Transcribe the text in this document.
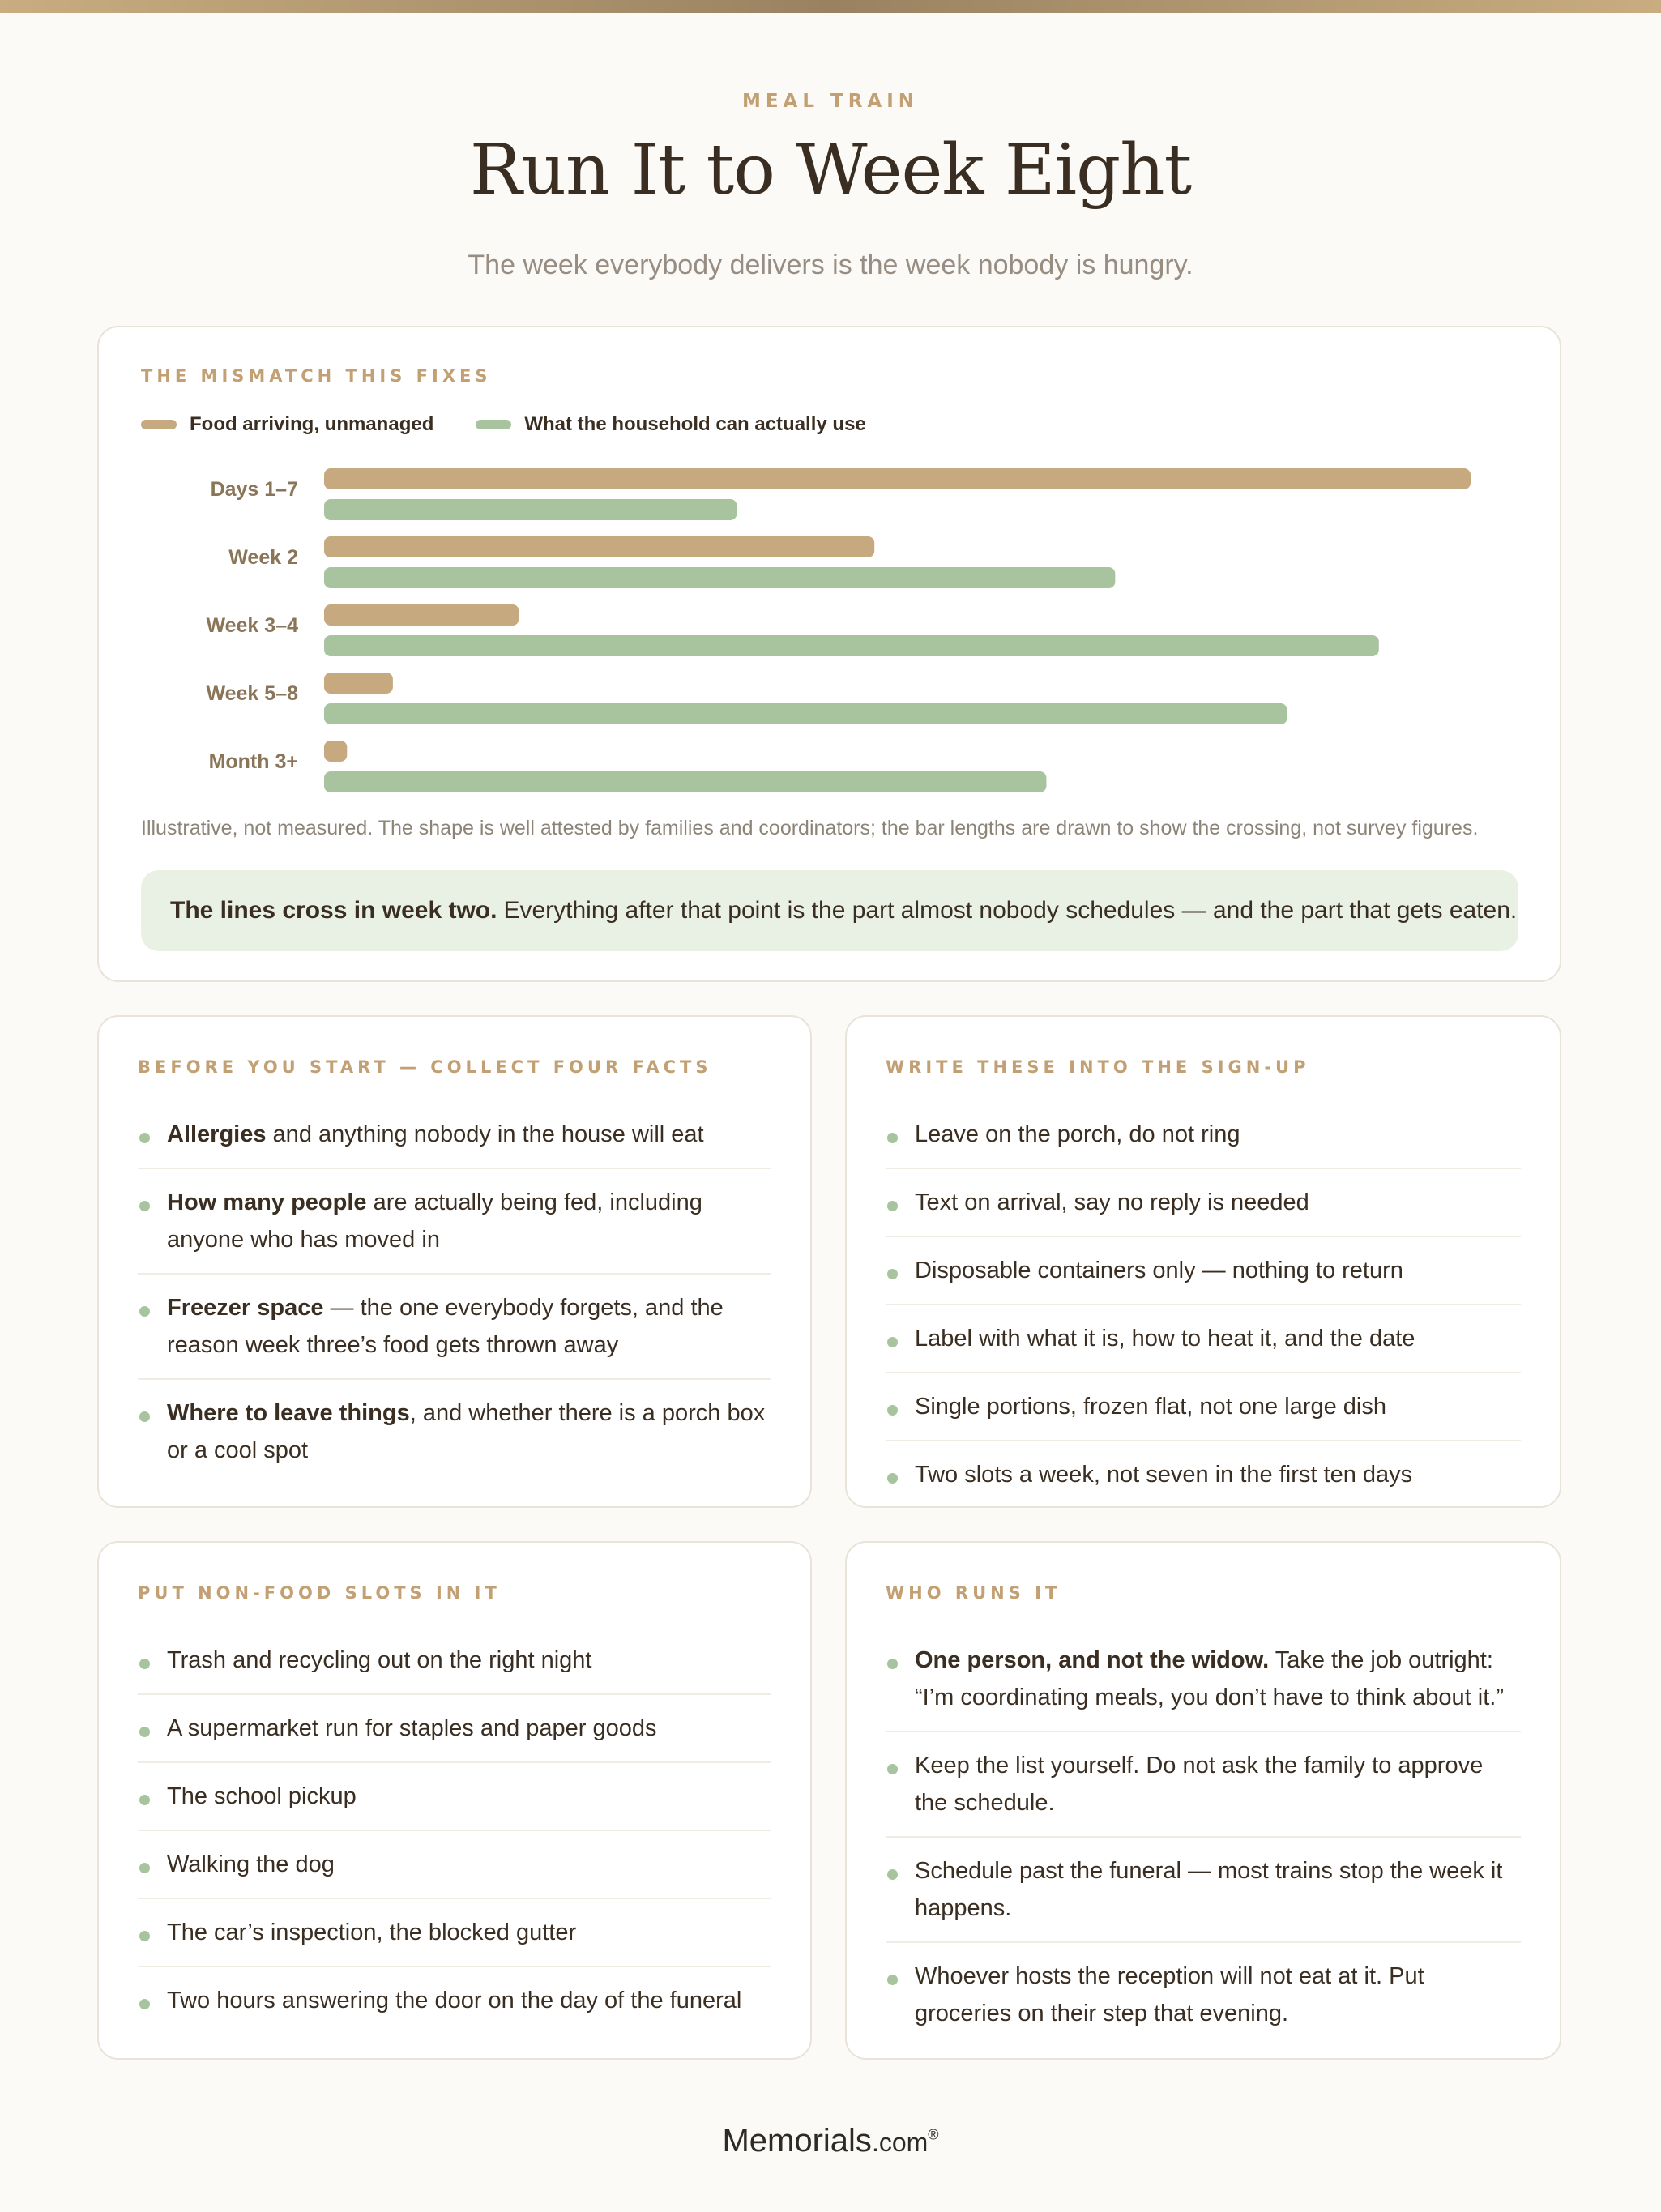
MEAL TRAIN
Run It to Week Eight
The week everybody delivers is the week nobody is hungry.
THE MISMATCH THIS FIXES
Food arriving, unmanaged	What the household can actually use
Days 1–7
Week 2
Week 3–4
Week 5–8
Month 3+
Illustrative, not measured. The shape is well attested by families and coordinators; the bar lengths are drawn to show the crossing, not survey figures.
The lines cross in week two. Everything after that point is the part almost nobody schedules — and the part that gets eaten.
BEFORE YOU START — COLLECT FOUR FACTS
Allergies and anything nobody in the house will eat
How many people are actually being fed, including anyone who has moved in
Freezer space — the one everybody forgets, and the reason week three’s food gets thrown away
Where to leave things, and whether there is a porch box or a cool spot
WRITE THESE INTO THE SIGN-UP
Leave on the porch, do not ring
Text on arrival, say no reply is needed
Disposable containers only — nothing to return
Label with what it is, how to heat it, and the date
Single portions, frozen flat, not one large dish
Two slots a week, not seven in the first ten days
PUT NON-FOOD SLOTS IN IT
Trash and recycling out on the right night
A supermarket run for staples and paper goods
The school pickup
Walking the dog
The car’s inspection, the blocked gutter
Two hours answering the door on the day of the funeral
WHO RUNS IT
One person, and not the widow. Take the job outright: “I’m coordinating meals, you don’t have to think about it.”
Keep the list yourself. Do not ask the family to approve the schedule.
Schedule past the funeral — most trains stop the week it happens.
Whoever hosts the reception will not eat at it. Put groceries on their step that evening.
Memorials.com®
